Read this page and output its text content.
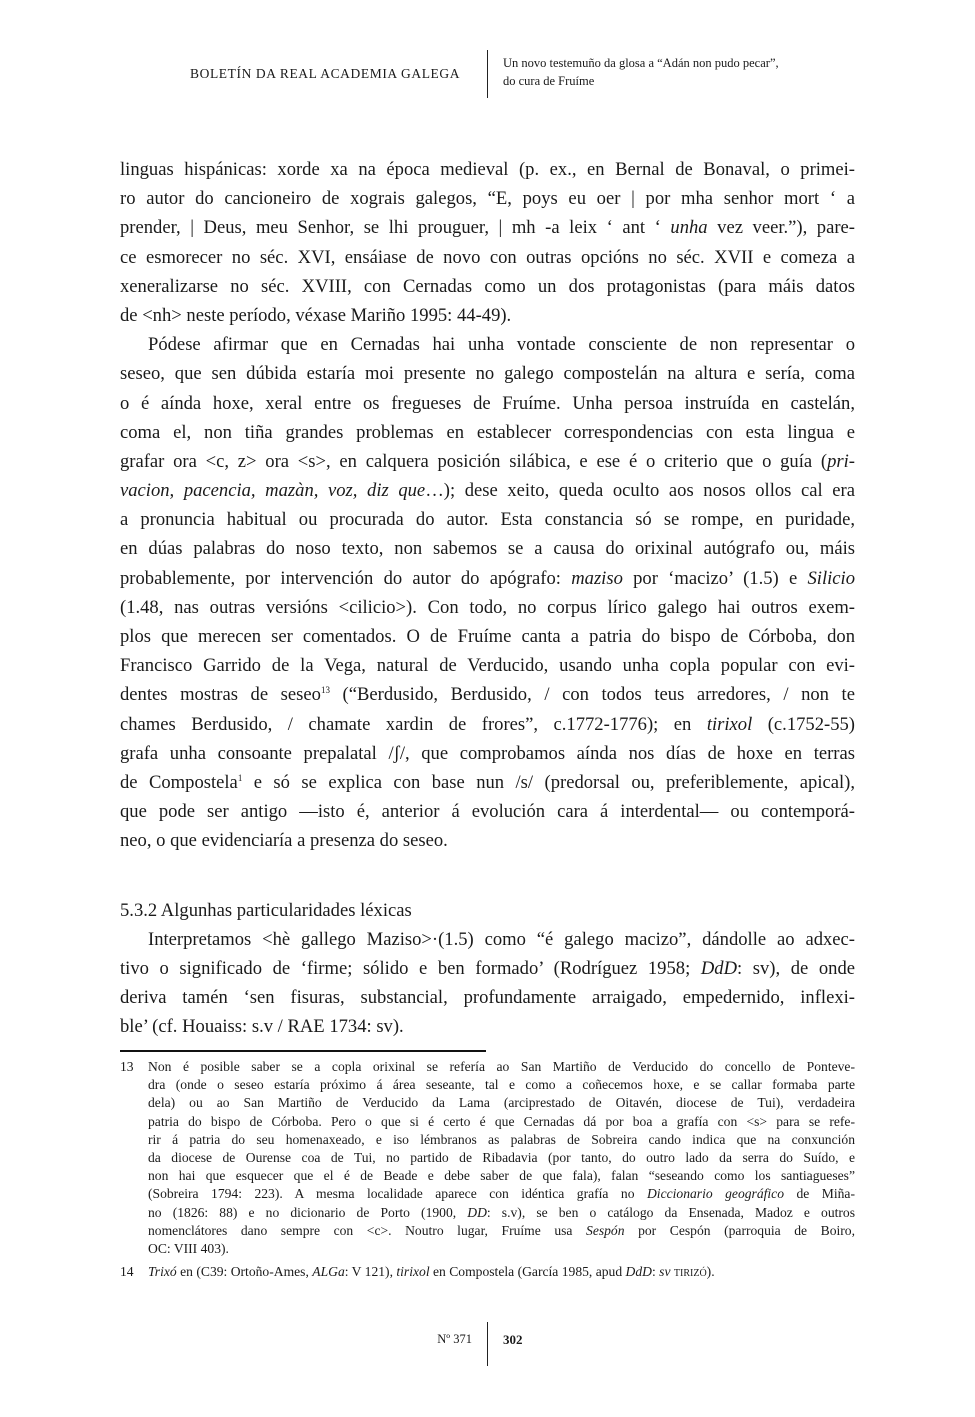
BOLETÍN DA REAL ACADEMIA GALEGA
Un novo testemuño da glosa a “Adán non pudo pecar”,
do cura de Fruíme

linguas hispánicas: xorde xa na época medieval (p. ex., en Bernal de Bonaval, o primei-
ro autor do cancioneiro de xograis galegos, “E, poys eu oer | por mha senhor mort ‘ a
prender, | Deus, meu Senhor, se lhi prouguer, | mh -a leix ‘ ant ‘ unha vez veer.”), pare-
ce esmorecer no séc. XVI, ensáiase de novo con outras opcións no séc. XVII e comeza a
xeneralizarse no séc. XVIII, con Cernadas como un dos protagonistas (para máis datos
de <nh> neste período, véxase Mariño 1995: 44-49).

Pódese afirmar que en Cernadas hai unha vontade consciente de non representar o
seseo, que sen dúbida estaría moi presente no galego compostelán na altura e sería, coma
o é aínda hoxe, xeral entre os fregueses de Fruíme. Unha persoa instruída en castelán,
coma el, non tiña grandes problemas en establecer correspondencias con esta lingua e
grafar ora <c, z> ora <s>, en calquera posición silábica, e ese é o criterio que o guía (pri-
vacion, pacencia, mazàn, voz, diz que…); dese xeito, queda oculto aos nosos ollos cal era
a pronuncia habitual ou procurada do autor. Esta constancia só se rompe, en puridade,
en dúas palabras do noso texto, non sabemos se a causa do orixinal autógrafo ou, máis
probablemente, por intervención do autor do apógrafo: maziso por ‘macizo’ (1.5) e Silicio
(1.48, nas outras versións <cilicio>). Con todo, no corpus lírico galego hai outros exem-
plos que merecen ser comentados. O de Fruíme canta a patria do bispo de Córboba, don
Francisco Garrido de la Vega, natural de Verducido, usando unha copla popular con evi-
dentes mostras de seseo$^{13}$ (“Berdusido, Berdusido, / con todos teus arredores, / non te
chames Berdusido, / chamate xardin de frores”, c.1772-1776); en tirixol (c.1752-55)
grafa unha consoante prepalatal /ʃ/, que comprobamos aínda nos días de hoxe en terras
de Compostela$^1$ e só se explica con base nun /s/ (predorsal ou, preferiblemente, apical),
que pode ser antigo —isto é, anterior á evolución cara á interdental— ou contemporá-
neo, o que evidenciaría a presenza do seseo.

5.3.2 Algunhas particularidades léxicas

Interpretamos <hè gallego Maziso>·(1.5) como “é galego macizo”, dándolle ao adxec-
tivo o significado de ‘firme; sólido e ben formado’ (Rodríguez 1958; DdD: sv), de onde
deriva tamén ‘sen fisuras, substancial, profundamente arraigado, empedernido, inflexi-
ble’ (cf. Houaiss: s.v / RAE 1734: sv).

13 Non é posible saber se a copla orixinal se refería ao San Martiño de Verducido do concello de Ponteve-
dra (onde o seseo estaría próximo á área seseante, tal e como a coñecemos hoxe, e se callar formaba parte
dela) ou ao San Martiño de Verducido da Lama (arciprestado de Oitavén, diocese de Tui), verdadeira
patria do bispo de Córboba. Pero o que si é certo é que Cernadas dá por boa a grafía con <s> para se refe-
rir á patria do seu homenaxeado, e iso lémbranos as palabras de Sobreira cando indica que na conxunción
da diocese de Ourense coa de Tui, no partido de Ribadavia (por tanto, do outro lado da serra do Suído, e
non hai que esquecer que el é de Beade e debe saber de que fala), falan “seseando como los santiagueses”
(Sobreira 1794: 223). A mesma localidade aparece con idéntica grafía no Diccionario geográfico de Miña-
no (1826: 88) e no dicionario de Porto (1900, DD: s.v), se ben o catálogo da Ensenada, Madoz e outros
nomenclátores dano sempre con <c>. Noutro lugar, Fruíme usa Sespón por Cespón (parroquia de Boiro,
OC: VIII 403).
14 Trixó en (C39: Ortoño-Ames, ALGa: V 121), tirixol en Compostela (García 1985, apud DdD: sv tirizó).
Nº 371 302
